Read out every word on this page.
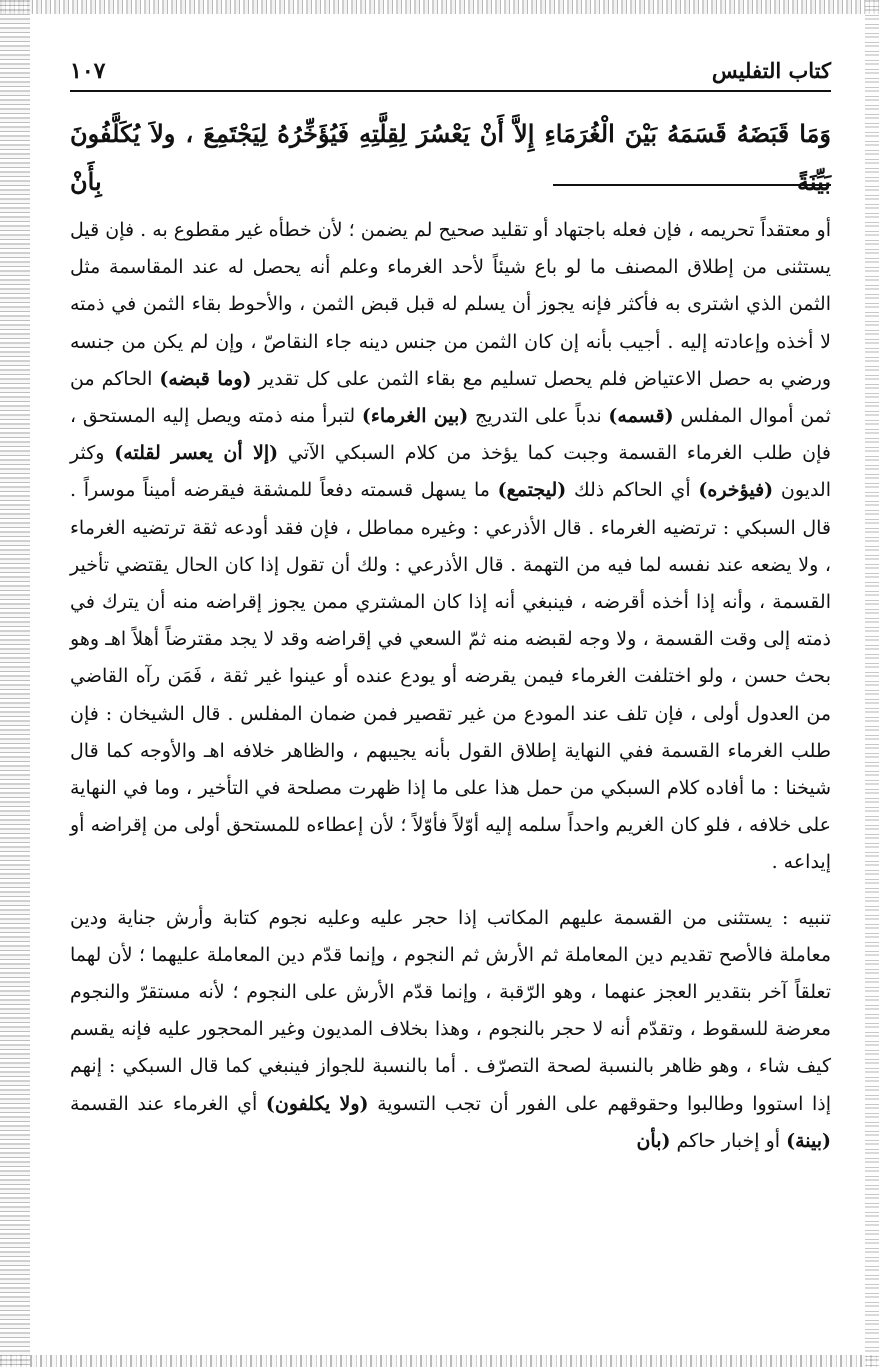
كتاب التفليس
١٠٧
وَمَا قَبَضَهُ قَسَمَهُ بَيْنَ الْغُرَمَاءِ إِلاَّ أَنْ يَعْسُرَ لِقِلَّتِهِ فَيُؤَخِّرُهُ لِيَجْتَمِعَ ، ولاَ يُكَلَّفُونَ بَيِّنَةً بِأَنْ

أو معتقداً تحريمه ، فإن فعله باجتهاد أو تقليد صحيح لم يضمن ؛ لأن خطأه غير مقطوع به . فإن قيل يستثنى من إطلاق المصنف ما لو باع شيئاً لأحد الغرماء وعلم أنه يحصل له عند المقاسمة مثل الثمن الذي اشترى به فأكثر فإنه يجوز أن يسلم له قبل قبض الثمن ، والأحوط بقاء الثمن في ذمته لا أخذه وإعادته إليه . أجيب بأنه إن كان الثمن من جنس دينه جاء النقاصّ ، وإن لم يكن من جنسه ورضي به حصل الاعتياض فلم يحصل تسليم مع بقاء الثمن على كل تقدير (وما قبضه) الحاكم من ثمن أموال المفلس (قسمه) ندباً على التدريج (بين الغرماء) لتبرأ منه ذمته ويصل إليه المستحق ، فإن طلب الغرماء القسمة وجبت كما يؤخذ من كلام السبكي الآتي (إلا أن يعسر لقلته) وكثر الديون (فيؤخره) أي الحاكم ذلك (ليجتمع) ما يسهل قسمته دفعاً للمشقة فيقرضه أميناً موسراً . قال السبكي : ترتضيه الغرماء . قال الأذرعي : وغيره مماطل ، فإن فقد أودعه ثقة ترتضيه الغرماء ، ولا يضعه عند نفسه لما فيه من التهمة . قال الأذرعي : ولك أن تقول إذا كان الحال يقتضي تأخير القسمة ، وأنه إذا أخذه أقرضه ، فينبغي أنه إذا كان المشتري ممن يجوز إقراضه منه أن يترك في ذمته إلى وقت القسمة ، ولا وجه لقبضه منه ثمّ السعي في إقراضه وقد لا يجد مقترضاً أهلاً اهـ وهو بحث حسن ، ولو اختلفت الغرماء فيمن يقرضه أو يودع عنده أو عينوا غير ثقة ، فَمَن رآه القاضي من العدول أولى ، فإن تلف عند المودع من غير تقصير فمن ضمان المفلس . قال الشيخان : فإن طلب الغرماء القسمة ففي النهاية إطلاق القول بأنه يجيبهم ، والظاهر خلافه اهـ والأوجه كما قال شيخنا : ما أفاده كلام السبكي من حمل هذا على ما إذا ظهرت مصلحة في التأخير ، وما في النهاية على خلافه ، فلو كان الغريم واحداً سلمه إليه أوّلاً فأوّلاً ؛ لأن إعطاءه للمستحق أولى من إقراضه أو إيداعه .

تنبيه : يستثنى من القسمة عليهم المكاتب إذا حجر عليه وعليه نجوم كتابة وأرش جناية ودين معاملة فالأصح تقديم دين المعاملة ثم الأرش ثم النجوم ، وإنما قدّم دين المعاملة عليهما ؛ لأن لهما تعلقاً آخر بتقدير العجز عنهما ، وهو الرّقبة ، وإنما قدّم الأرش على النجوم ؛ لأنه مستقرّ والنجوم معرضة للسقوط ، وتقدّم أنه لا حجر بالنجوم ، وهذا بخلاف المديون وغير المحجور عليه فإنه يقسم كيف شاء ، وهو ظاهر بالنسبة لصحة التصرّف . أما بالنسبة للجواز فينبغي كما قال السبكي : إنهم إذا استووا وطالبوا وحقوقهم على الفور أن تجب التسوية (ولا يكلفون) أي الغرماء عند القسمة (بينة) أو إخبار حاكم (بأن
